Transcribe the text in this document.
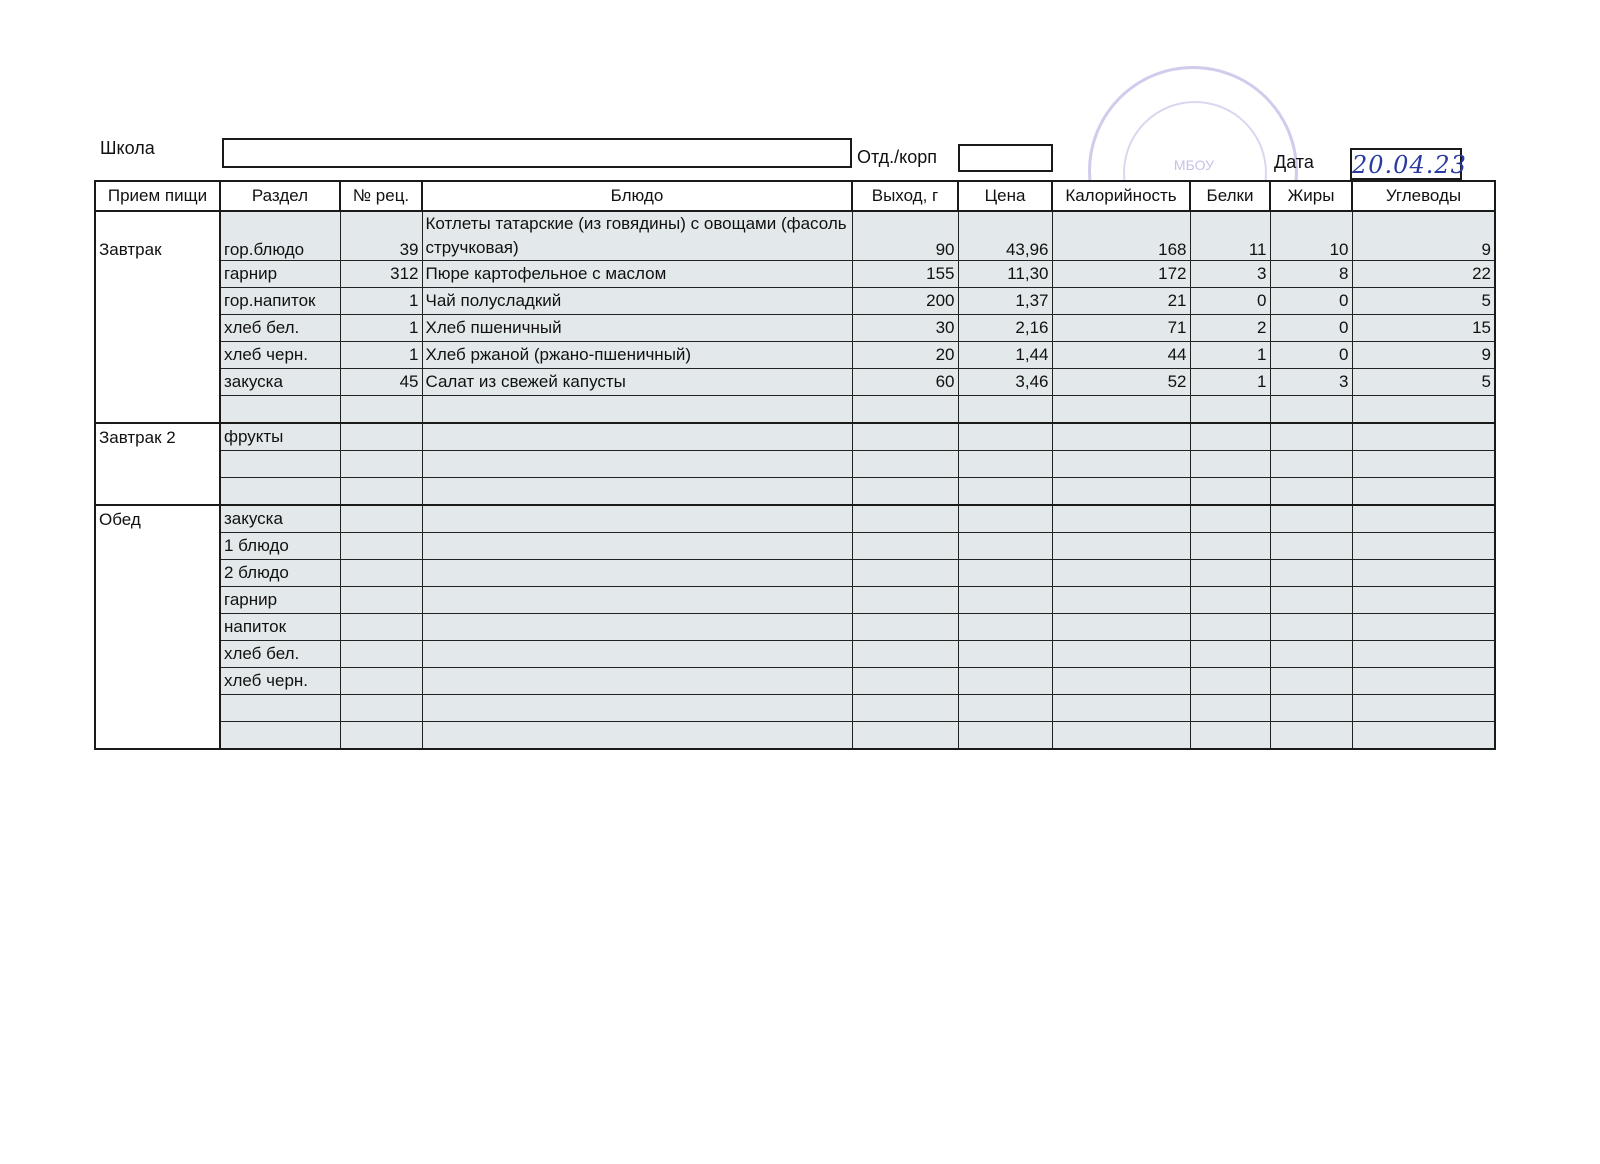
Школа	Отд./корп	МБОУ	Дата 20.04.23
Прием пищи	Раздел	№ рец.	Блюдо	Выход, г	Цена	Калорийность	Белки	Жиры	Углеводы
Завтрак	гор.блюдо	39	Котлеты татарские (из говядины) с овощами (фасоль стручковая)	90	43,96	168	11	10	9
	гарнир	312	Пюре картофельное с маслом	155	11,30	172	3	8	22
	гор.напиток	1	Чай полусладкий	200	1,37	21	0	0	5
	хлеб бел.	1	Хлеб пшеничный	30	2,16	71	2	0	15
	хлеб черн.	1	Хлеб ржаной (ржано-пшеничный)	20	1,44	44	1	0	9
	закуска	45	Салат из свежей капусты	60	3,46	52	1	3	5

Завтрак 2	фрукты								

Обед	закуска								
	1 блюдо								
	2 блюдо								
	гарнир								
	напиток								
	хлеб бел.								
	хлеб черн.								
